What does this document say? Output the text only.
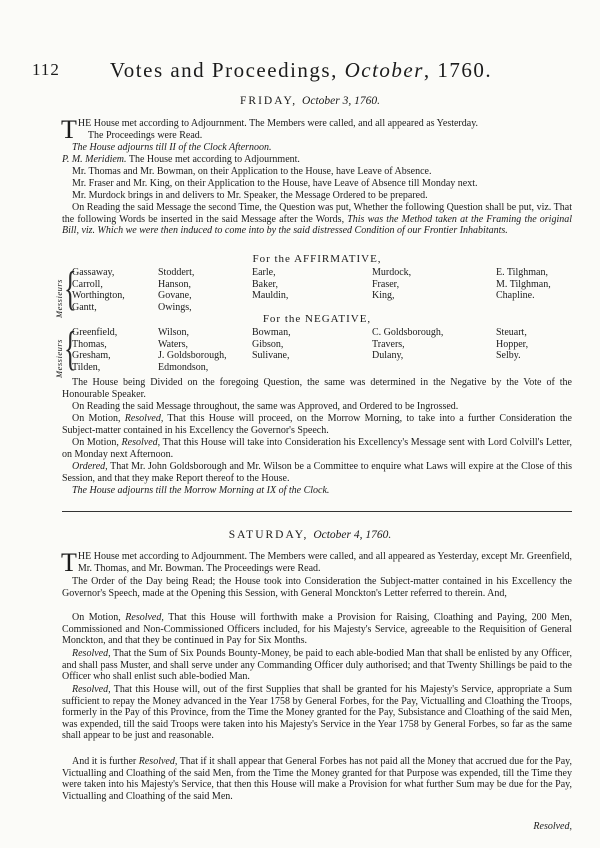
112	Votes and Proceedings, October, 1760.
FRIDAY, October 3, 1760.

THE House met according to Adjournment. The Members were called, and all appeared as Yesterday.
The Proceedings were Read.

The House adjourns till II of the Clock Afternoon.

P. M. Meridiem. The House met according to Adjournment.

Mr. Thomas and Mr. Bowman, on their Application to the House, have Leave of Absence.

Mr. Fraser and Mr. King, on their Application to the House, have Leave of Absence till Monday next.

Mr. Murdock brings in and delivers to Mr. Speaker, the Message Ordered to be prepared.

On Reading the said Message the second Time, the Question was put, Whether the following Question shall be put, viz. That the following Words be inserted in the said Message after the Words, This was the Method taken at the Framing the original Bill, viz. Which we were then induced to come into by the said distressed Condition of our Frontier Inhabitants.

For the AFFIRMATIVE,
Messieurs {
Gassaway,	Stoddert,	Earle,	Murdock,	E. Tilghman,
Carroll,	Hanson,	Baker,	Fraser,	M. Tilghman,
Worthington,	Govane,	Mauldin,	King,	Chapline.
Gantt,	Owings,
For the NEGATIVE,
Messieurs {
Greenfield,	Wilson,	Bowman,	C. Goldsborough,	Steuart,
Thomas,	Waters,	Gibson,	Travers,	Hopper,
Gresham,	J. Goldsborough,	Sulivane,	Dulany,	Selby.
Tilden,	Edmondson,

The House being Divided on the foregoing Question, the same was determined in the Negative by the Vote of the Honourable Speaker.

On Reading the said Message throughout, the same was Approved, and Ordered to be Ingrossed.

On Motion, Resolved, That this House will proceed, on the Morrow Morning, to take into a further Consideration the Subject-matter contained in his Excellency the Governor's Speech.

On Motion, Resolved, That this House will take into Consideration his Excellency's Message sent with Lord Colvill's Letter, on Monday next Afternoon.

Ordered, That Mr. John Goldsborough and Mr. Wilson be a Committee to enquire what Laws will expire at the Close of this Session, and that they make Report thereof to the House.

The House adjourns till the Morrow Morning at IX of the Clock.

SATURDAY, October 4, 1760.

THE House met according to Adjournment. The Members were called, and all appeared as Yesterday, except Mr. Greenfield, Mr. Thomas, and Mr. Bowman. The Proceedings were Read.

The Order of the Day being Read; the House took into Consideration the Subject-matter contained in his Excellency the Governor's Speech, made at the Opening this Session, with General Monckton's Letter referred to therein. And,

On Motion, Resolved, That this House will forthwith make a Provision for Raising, Cloathing and Paying, 200 Men, Commissioned and Non-Commissioned Officers included, for his Majesty's Service, agreeable to the Requisition of General Monckton, and that they be continued in Pay for Six Months.

Resolved, That the Sum of Six Pounds Bounty-Money, be paid to each able-bodied Man that shall be enlisted by any Officer, and shall pass Muster, and shall serve under any Commanding Officer duly authorised; and that Twenty Shillings be paid to the Officer who shall enlist such able-bodied Man.

Resolved, That this House will, out of the first Supplies that shall be granted for his Majesty's Service, appropriate a Sum sufficient to repay the Money advanced in the Year 1758 by General Forbes, for the Pay, Victualling and Cloathing the Troops, formerly in the Pay of this Province, from the Time the Money granted for the Pay, Subsistance and Cloathing of the said Men, was expended, till the said Troops were taken into his Majesty's Service in the Year 1758 by General Forbes, so far as the same shall appear to be just and reasonable.

And it is further Resolved, That if it shall appear that General Forbes has not paid all the Money that accrued due for the Pay, Victualling and Cloathing of the said Men, from the Time the Money granted for that Purpose was expended, till the Time they were taken into his Majesty's Service, that then this House will make a Provision for what further Sum may be due for the Pay, Victualling and Cloathing of the said Men.

Resolved,
